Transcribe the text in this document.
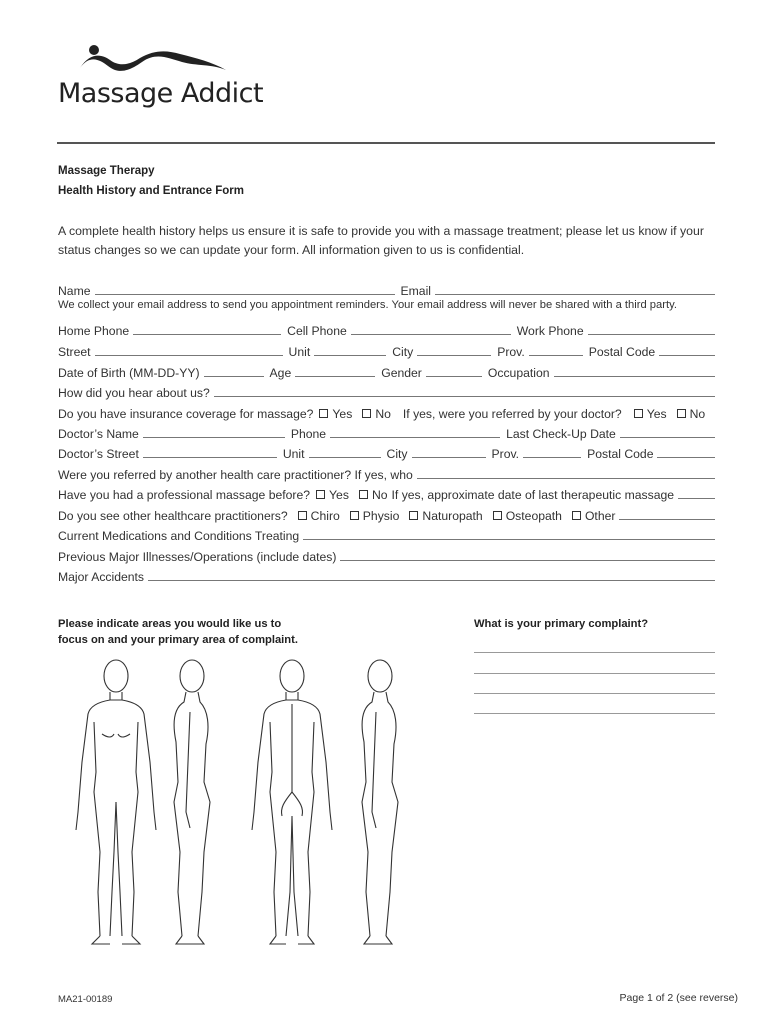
Massage Addict
Massage Therapy
Health History and Entrance Form
A complete health history helps us ensure it is safe to provide you with a massage treatment; please let us know if your status changes so we can update your form. All information given to us is confidential.
Name	Email
We collect your email address to send you appointment reminders. Your email address will never be shared with a third party.
Home Phone	Cell Phone	Work Phone
Street	Unit	City	Prov.	Postal Code
Date of Birth (MM-DD-YY)	Age	Gender	Occupation
How did you hear about us?
Do you have insurance coverage for massage?	Yes No If yes, were you referred by your doctor?	Yes No
Doctor’s Name	Phone	Last Check-Up Date
Doctor’s Street	Unit	City	Prov.	Postal Code
Were you referred by another health care practitioner? If yes, who
Have you had a professional massage before?	Yes No If yes, approximate date of last therapeutic massage
Do you see other healthcare practitioners?	Chiro Physio Naturopath Osteopath Other
Current Medications and Conditions Treating
Previous Major Illnesses/Operations (include dates)
Major Accidents
Please indicate areas you would like us to focus on and your primary area of complaint.
What is your primary complaint?
MA21-00189	Page 1 of 2 (see reverse)
